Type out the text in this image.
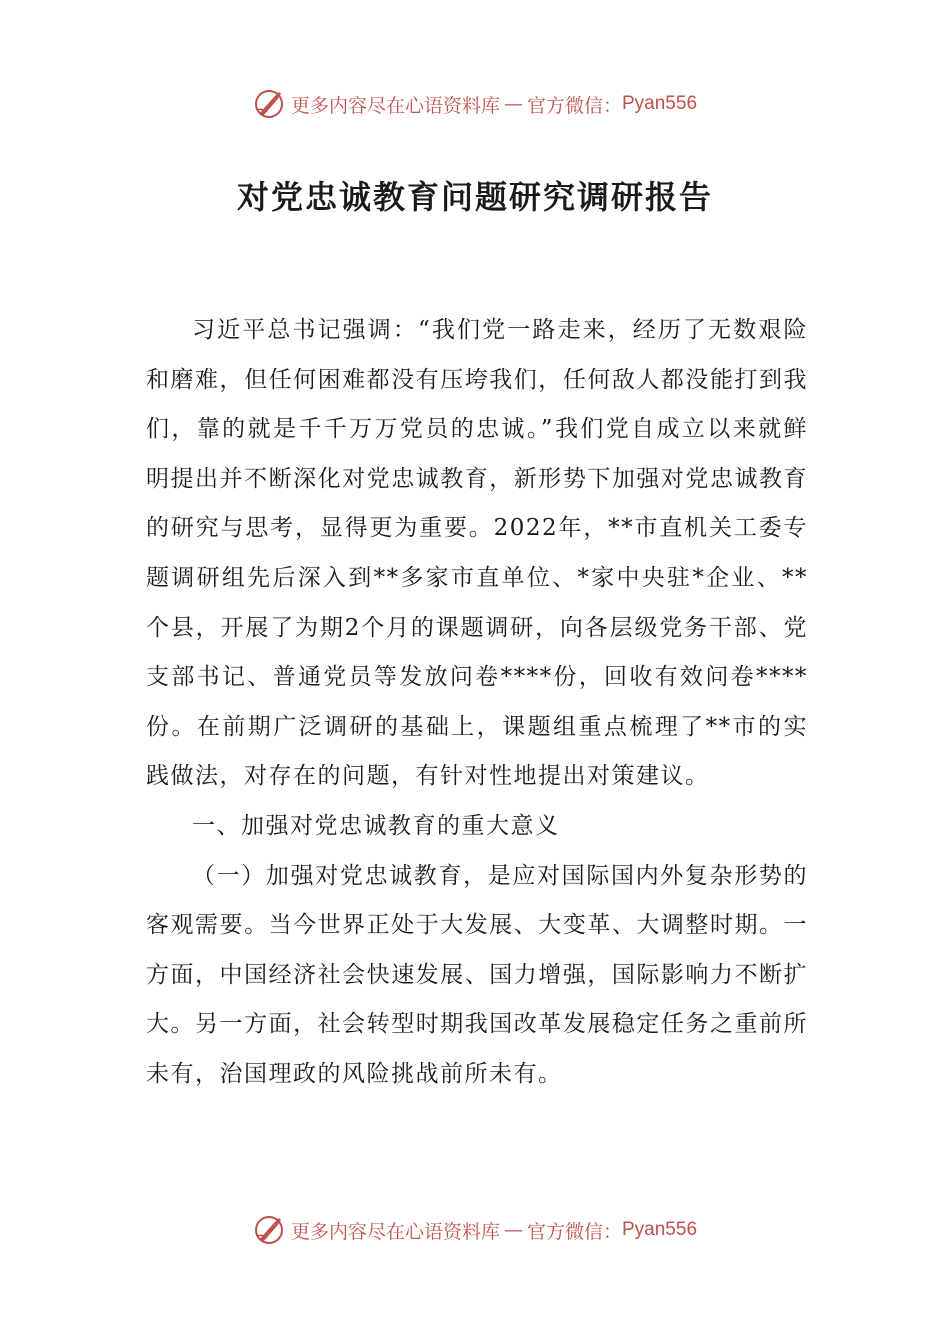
更多内容尽在心语资料库 — 官方微信： Pyan556
对党忠诚教育问题研究调研报告

习近平总书记强调：“我们党一路走来，经历了无数艰险和磨难，但任何困难都没有压垮我们，任何敌人都没能打到我们，靠的就是千千万万党员的忠诚。”我们党自成立以来就鲜明提出并不断深化对党忠诚教育，新形势下加强对党忠诚教育的研究与思考，显得更为重要。2022年，**市直机关工委专题调研组先后深入到**多家市直单位、*家中央驻*企业、**个县，开展了为期2个月的课题调研，向各层级党务干部、党支部书记、普通党员等发放问卷****份，回收有效问卷****份。在前期广泛调研的基础上，课题组重点梳理了**市的实践做法，对存在的问题，有针对性地提出对策建议。

一、加强对党忠诚教育的重大意义

（一）加强对党忠诚教育，是应对国际国内外复杂形势的客观需要。当今世界正处于大发展、大变革、大调整时期。一方面，中国经济社会快速发展、国力增强，国际影响力不断扩大。另一方面，社会转型时期我国改革发展稳定任务之重前所未有，治国理政的风险挑战前所未有。

更多内容尽在心语资料库 — 官方微信： Pyan556
